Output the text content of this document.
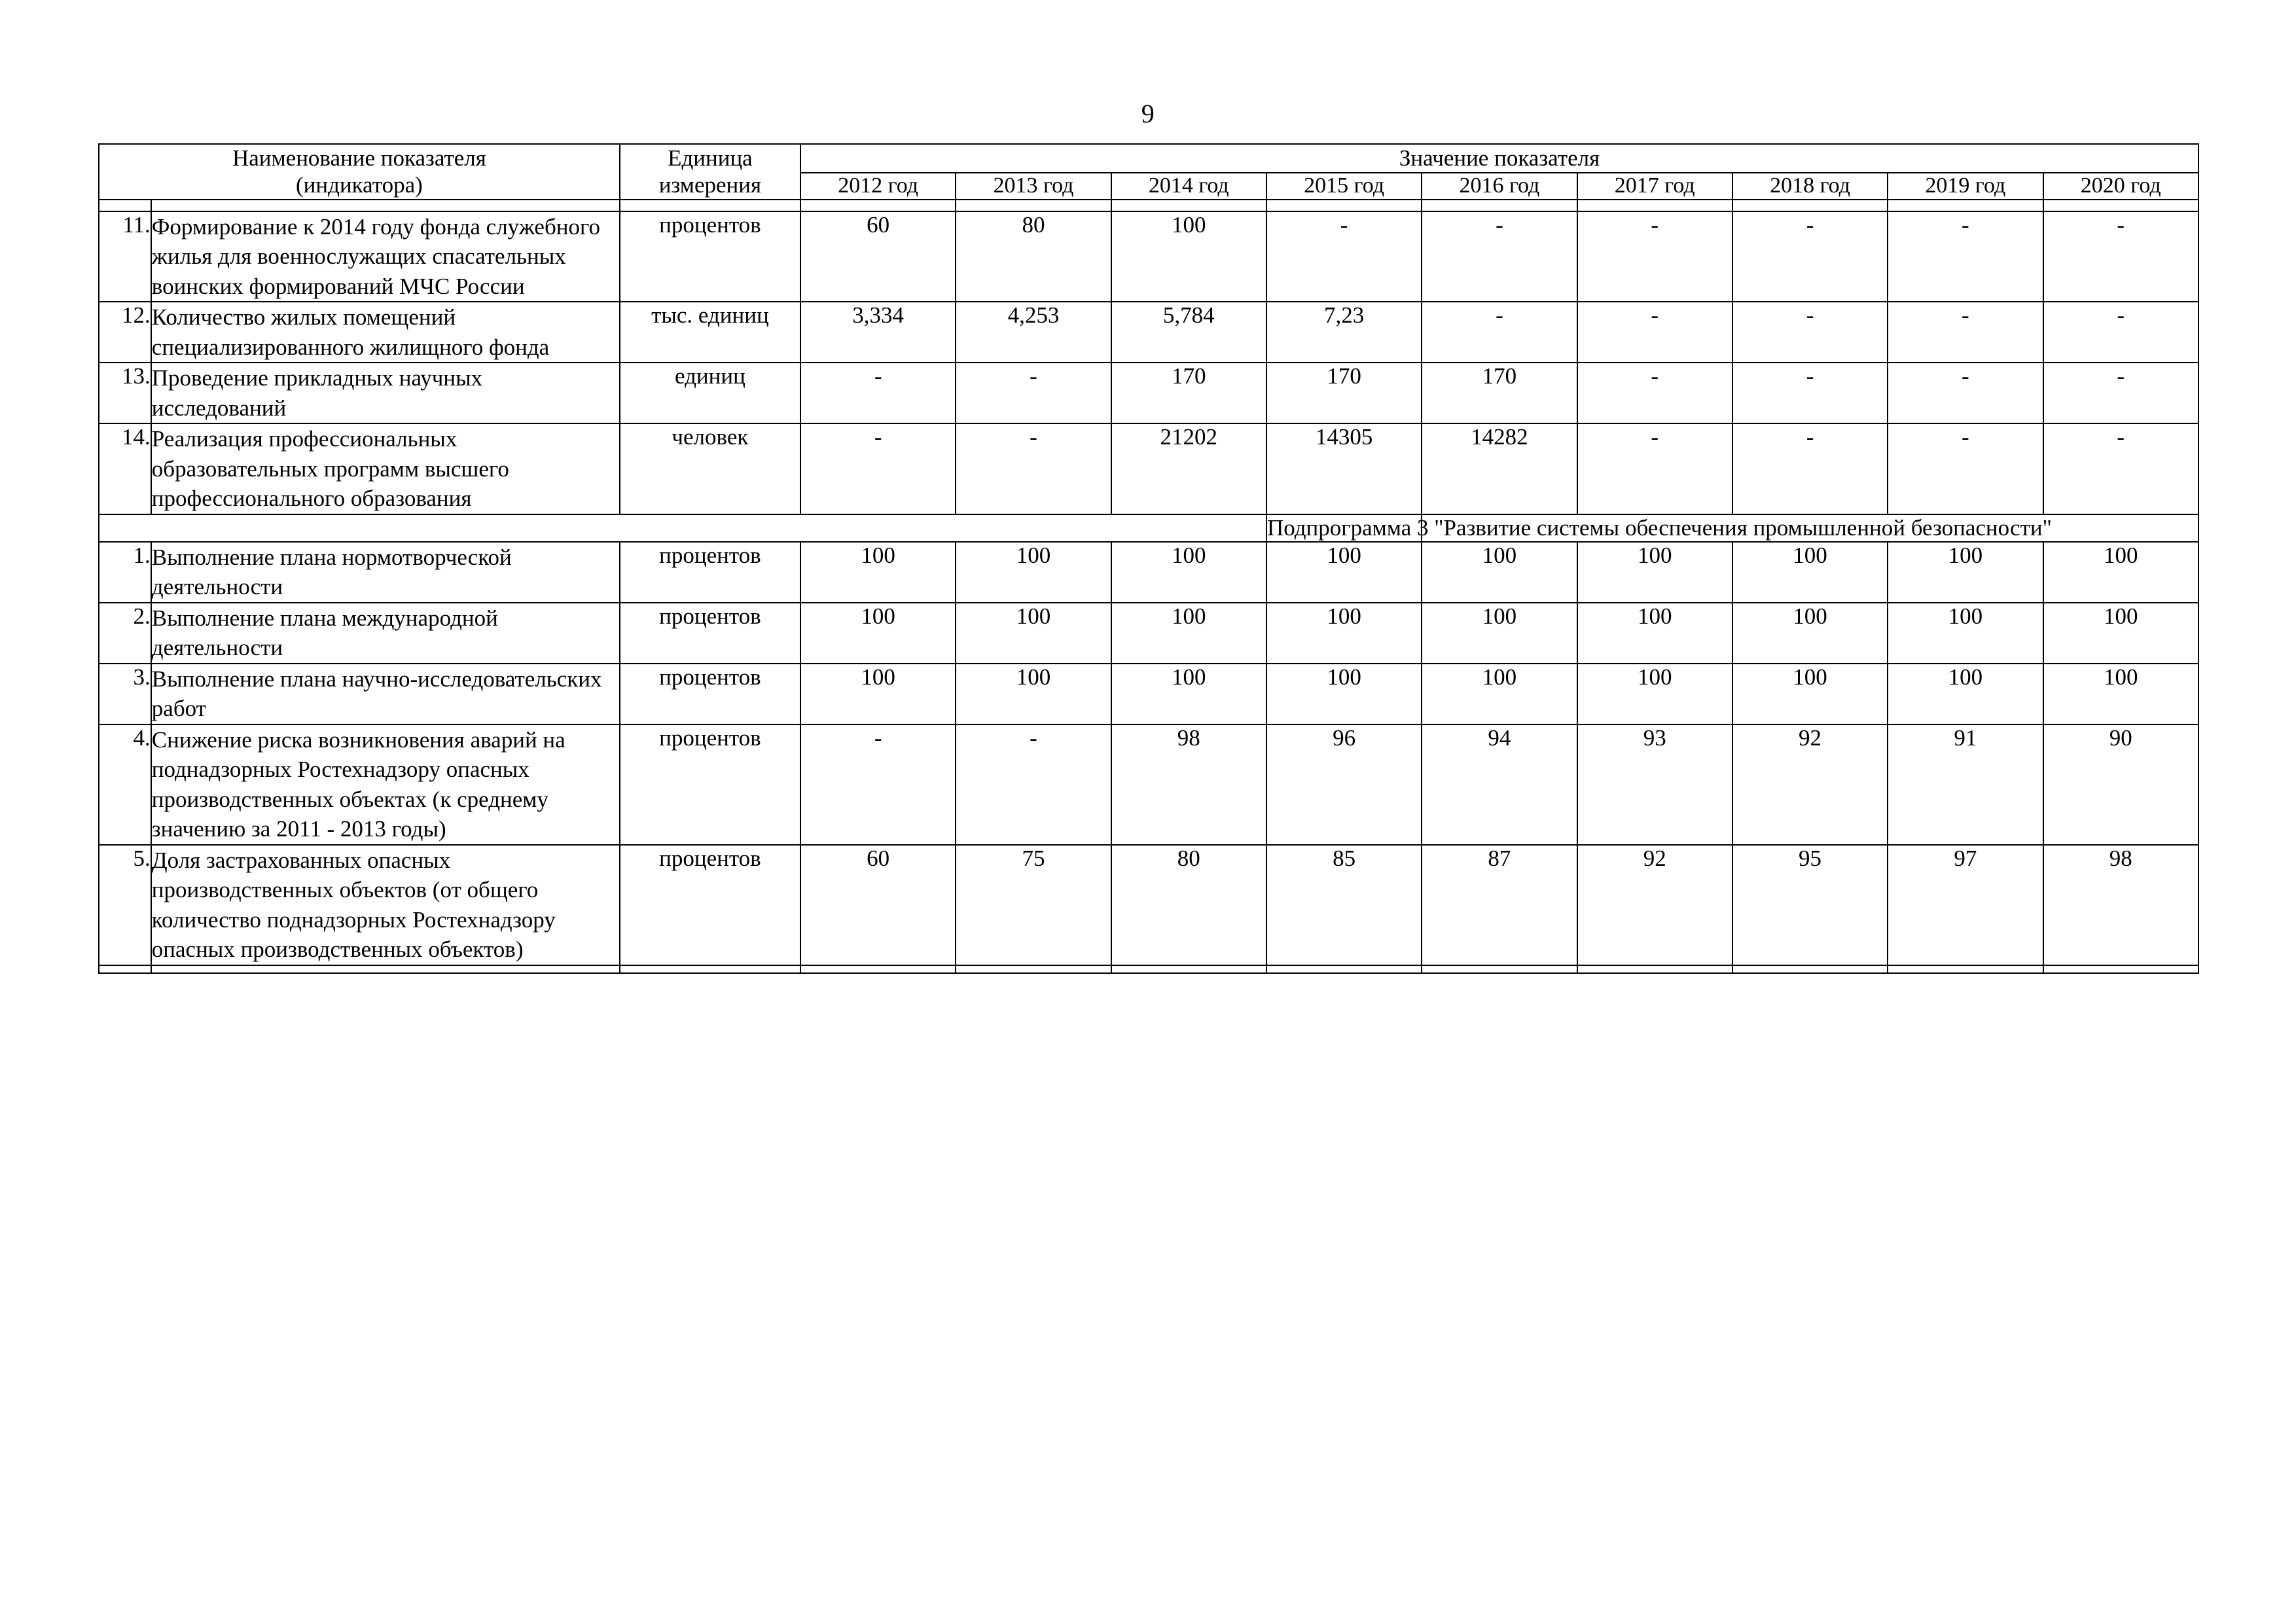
9
Наименование показателя
(индикатора)

Единица
измерения
	Значение показателя
			2012 год	2013 год	2014 год	2015 год	2016 год	2017 год	2018 год	2019 год	2020 год

11.	Формирование к 2014 году фонда служебного жилья для военнослужащих спасательных воинских формирований МЧС России	процентов	60	80	100	-	-	-	-	-	-
12.	Количество жилых помещений специализированного жилищного фонда	тыс. единиц	3,334	4,253	5,784	7,23	-	-	-	-	-
13.	Проведение прикладных научных исследований	единиц	-	-	170	170	170	-	-	-	-
14.	Реализация профессиональных образовательных программ высшего профессионального образования	человек	-	-	21202	14305	14282	-	-	-	-
						Подпрограмма 3 "Развитие системы обеспечения промышленной безопасности"					
1.	Выполнение плана нормотворческой деятельности	процентов	100	100	100	100	100	100	100	100	100
2.	Выполнение плана международной деятельности	процентов	100	100	100	100	100	100	100	100	100
3.	Выполнение плана научно-исследовательских работ	процентов	100	100	100	100	100	100	100	100	100
4.	Снижение риска возникновения аварий на поднадзорных Ростехнадзору опасных производственных объектах (к среднему значению за 2011 - 2013 годы)	процентов	-	-	98	96	94	93	92	91	90
5.	Доля застрахованных опасных производственных объектов (от общего количество поднадзорных Ростехнадзору опасных производственных объектов)	процентов	60	75	80	85	87	92	95	97	98
